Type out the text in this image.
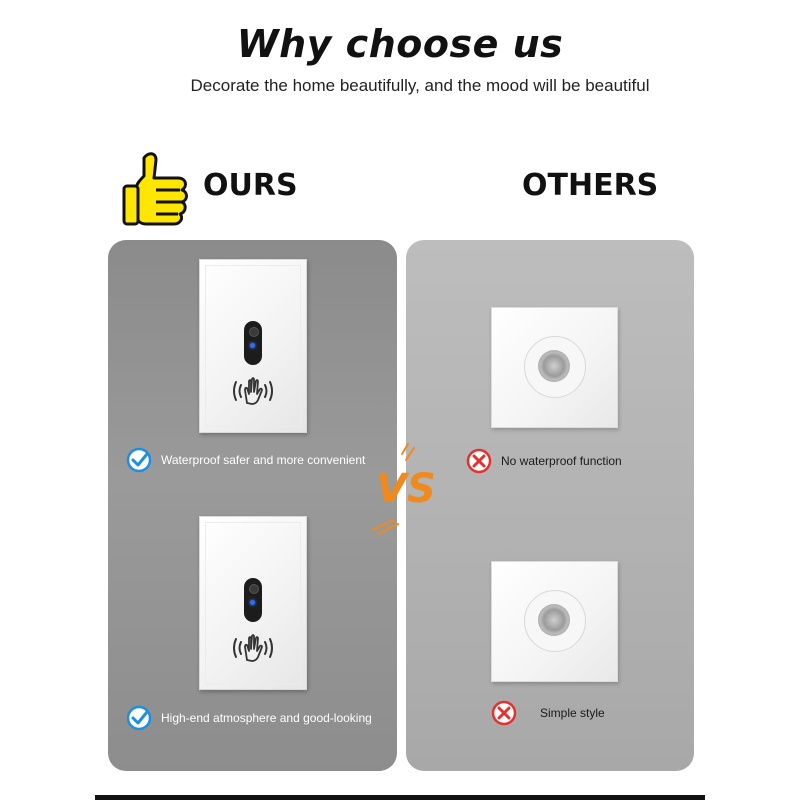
Why choose us
Decorate the home beautifully, and the mood will be beautiful
OURS	OTHERS
Waterproof safer and more convenient
High-end atmosphere and good-looking
No waterproof function
Simple style
VS
